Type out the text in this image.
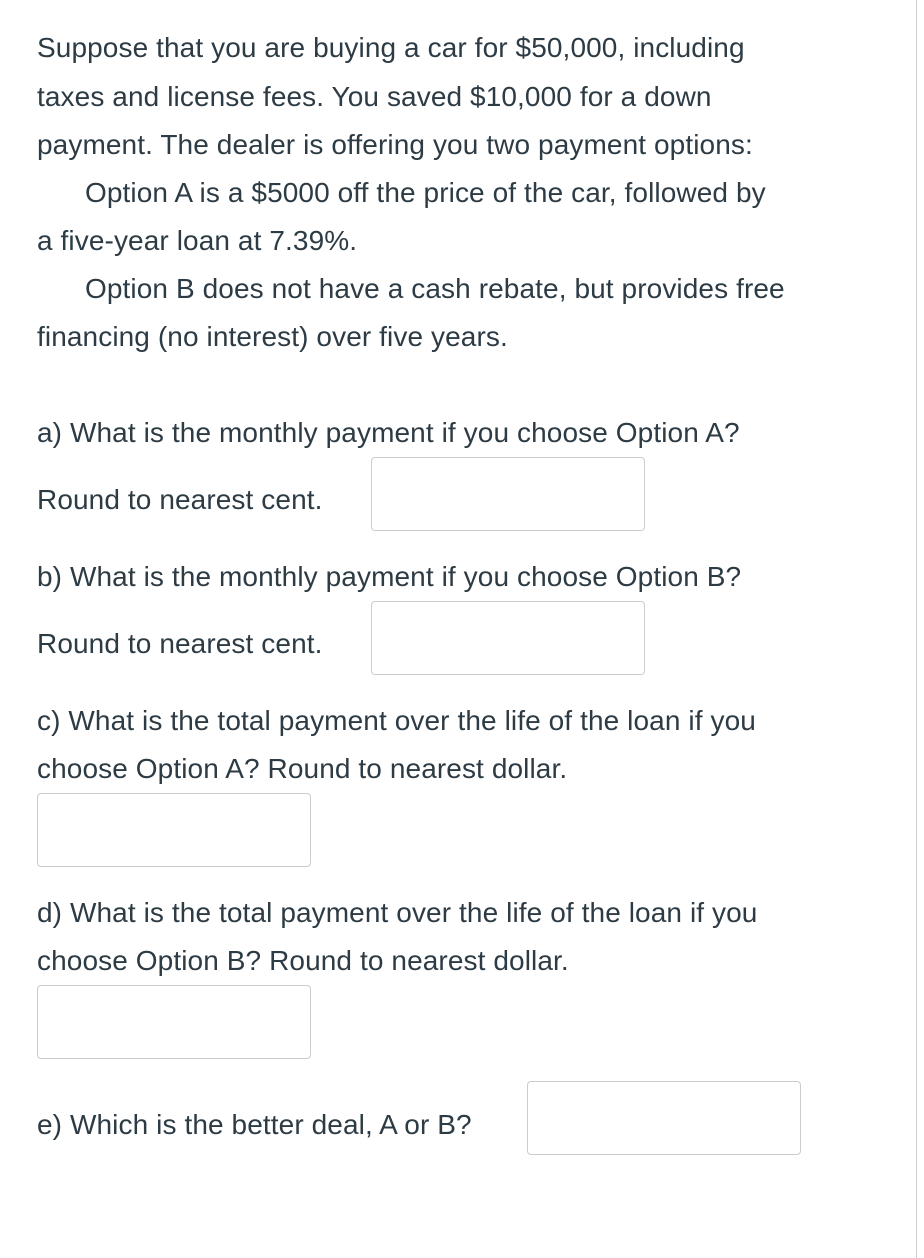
Suppose that you are buying a car for $50,000, including
taxes and license fees. You saved $10,000 for a down
payment. The dealer is offering you two payment options:
Option A is a $5000 off the price of the car, followed by
a five-year loan at 7.39%.
Option B does not have a cash rebate, but provides free
financing (no interest) over five years.
a) What is the monthly payment if you choose Option A?
Round to nearest cent.
b) What is the monthly payment if you choose Option B?
Round to nearest cent.
c) What is the total payment over the life of the loan if you
choose Option A? Round to nearest dollar.
d) What is the total payment over the life of the loan if you
choose Option B? Round to nearest dollar.
e) Which is the better deal, A or B?
